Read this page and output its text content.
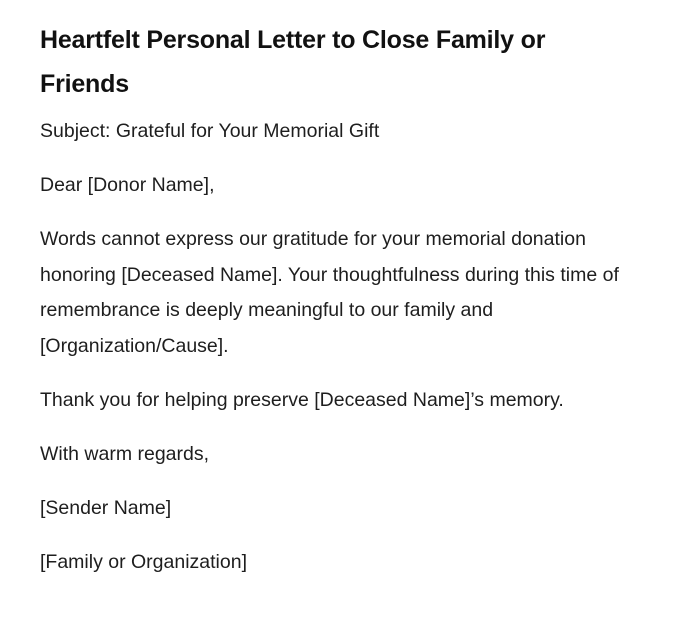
Heartfelt Personal Letter to Close Family or Friends

Subject: Grateful for Your Memorial Gift

Dear [Donor Name],

Words cannot express our gratitude for your memorial donation honoring [Deceased Name]. Your thoughtfulness during this time of remembrance is deeply meaningful to our family and [Organization/Cause].

Thank you for helping preserve [Deceased Name]’s memory.

With warm regards,

[Sender Name]

[Family or Organization]
